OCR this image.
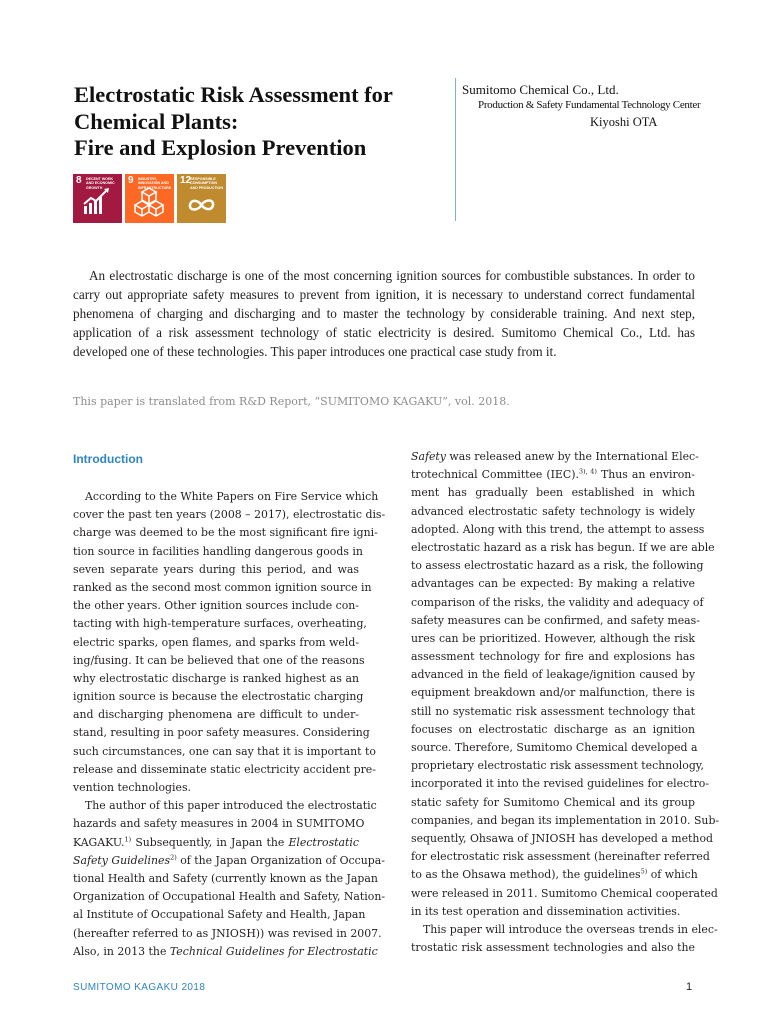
Electrostatic Risk Assessment for
Chemical Plants:
Fire and Explosion Prevention
Sumitomo Chemical Co., Ltd.
Production & Safety Fundamental Technology Center
Kiyoshi OTA
8 DECENT WORK AND ECONOMIC GROWTH
9 INDUSTRY, INNOVATION AND INFRASTRUCTURE
12
RESPONSIBLE CONSUMPTION AND PRODUCTION

An electrostatic discharge is one of the most concerning ignition sources for combustible substances. In order to carry out appropriate safety measures to prevent from ignition, it is necessary to understand correct fundamental phenomena of charging and discharging and to master the technology by considerable training. And next step, application of a risk assessment technology of static electricity is desired. Sumitomo Chemical Co., Ltd. has developed one of these technologies. This paper introduces one practical case study from it.

This paper is translated from R&D Report, “SUMITOMO KAGAKU”, vol. 2018.

Introduction

According to the White Papers on Fire Service which
cover the past ten years (2008 – 2017), electrostatic dis-
charge was deemed to be the most significant fire igni-
tion source in facilities handling dangerous goods in
seven separate years during this period, and was
ranked as the second most common ignition source in
the other years. Other ignition sources include con-
tacting with high-temperature surfaces, overheating,
electric sparks, open flames, and sparks from weld-
ing/fusing. It can be believed that one of the reasons
why electrostatic discharge is ranked highest as an
ignition source is because the electrostatic charging
and discharging phenomena are difficult to under-
stand, resulting in poor safety measures. Considering
such circumstances, one can say that it is important to
release and disseminate static electricity accident pre-
vention technologies.

The author of this paper introduced the electrostatic
hazards and safety measures in 2004 in SUMITOMO
KAGAKU.$^{1)}$ Subsequently, in Japan the Electrostatic
Safety Guidelines$^{2)}$ of the Japan Organization of Occupa-
tional Health and Safety (currently known as the Japan
Organization of Occupational Health and Safety, Nation-
al Institute of Occupational Safety and Health, Japan
(hereafter referred to as JNIOSH)) was revised in 2007.
Also, in 2013 the Technical Guidelines for Electrostatic

Safety was released anew by the International Elec-
trotechnical Committee (IEC).$^{3), 4)}$ Thus an environ-
ment has gradually been established in which
advanced electrostatic safety technology is widely
adopted. Along with this trend, the attempt to assess
electrostatic hazard as a risk has begun. If we are able
to assess electrostatic hazard as a risk, the following
advantages can be expected: By making a relative
comparison of the risks, the validity and adequacy of
safety measures can be confirmed, and safety meas-
ures can be prioritized. However, although the risk
assessment technology for fire and explosions has
advanced in the field of leakage/ignition caused by
equipment breakdown and/or malfunction, there is
still no systematic risk assessment technology that
focuses on electrostatic discharge as an ignition
source. Therefore, Sumitomo Chemical developed a
proprietary electrostatic risk assessment technology,
incorporated it into the revised guidelines for electro-
static safety for Sumitomo Chemical and its group
companies, and began its implementation in 2010. Sub-
sequently, Ohsawa of JNIOSH has developed a method
for electrostatic risk assessment (hereinafter referred
to as the Ohsawa method), the guidelines$^{5)}$ of which
were released in 2011. Sumitomo Chemical cooperated
in its test operation and dissemination activities.

This paper will introduce the overseas trends in elec-
trostatic risk assessment technologies and also the

SUMITOMO KAGAKU 2018	1
